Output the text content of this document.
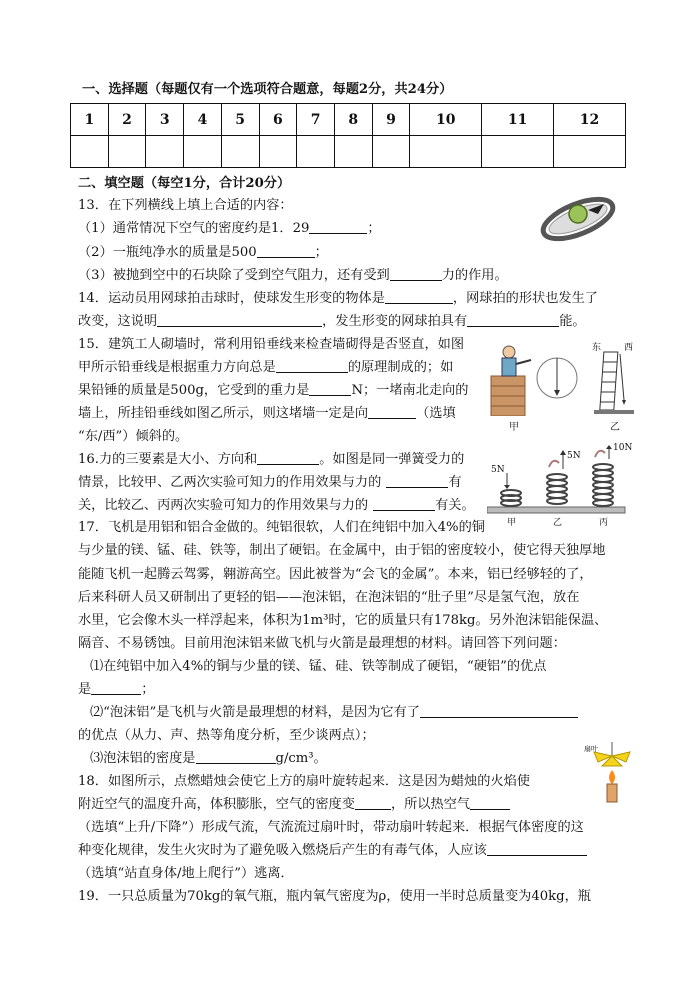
一、选择题（每题仅有一个选项符合题意，每题2分，共24分）
1	2	3	4	5	6	7	8	9	10	11	12

二、填空题（每空1分，合计20分）
13．在下列横线上填上合适的内容：
（1）通常情况下空气的密度约是1．29	；
（2）一瓶纯净水的质量是500	；
（3）被抛到空中的石块除了受到空气阻力，还有受到	力的作用。
14．运动员用网球拍击球时，使球发生形变的物体是	，网球拍的形状也发生了
改变，这说明	，发生形变的网球拍具有	能。
15．建筑工人砌墙时，常利用铅垂线来检查墙砌得是否竖直，如图
甲所示铅垂线是根据重力方向总是	的原理制成的；如
果铅锤的质量是500g，它受到的重力是	N；一堵南北走向的
墙上，所挂铅垂线如图乙所示，则这堵墙一定是向	（选填
“东/西”）倾斜的。
甲
东	西
乙
16.力的三要素是大小、方向和	。如图是同一弹簧受力的
情景，比较甲、乙两次实验可知力的作用效果与力的	有
关，比较乙、丙两次实验可知力的作用效果与力的	有关。
5N
5N
10N
甲	乙	丙
17．飞机是用铝和铝合金做的。纯铝很软，人们在纯铝中加入4%的铜
与少量的镁、锰、硅、铁等，制出了硬铝。在金属中，由于铝的密度较小，使它得天独厚地
能随飞机一起腾云驾雾，翱游高空。因此被誉为“会飞的金属”。本来，铝已经够轻的了，
后来科研人员又研制出了更轻的铝——泡沫铝，在泡沫铝的“肚子里”尽是氢气泡，放在
水里，它会像木头一样浮起来，体积为1m³时，它的质量只有178kg。另外泡沫铝能保温、
隔音、不易锈蚀。目前用泡沫铝来做飞机与火箭是最理想的材料。请回答下列问题：
⑴在纯铝中加入4%的铜与少量的镁、锰、硅、铁等制成了硬铝，“硬铝”的优点
是	；
⑵“泡沫铝”是飞机与火箭是最理想的材料，是因为它有了
的优点（从力、声、热等角度分析，至少谈两点）；
⑶泡沫铝的密度是	g/cm³。
扇叶
18．如图所示，点燃蜡烛会使它上方的扇叶旋转起来．这是因为蜡烛的火焰使
附近空气的温度升高，体积膨胀，空气的密度变	，所以热空气
（选填“上升/下降”）形成气流，气流流过扇叶时，带动扇叶转起来．根据气体密度的这
种变化规律，发生火灾时为了避免吸入燃烧后产生的有毒气体，人应该
（选填“站直身体/地上爬行”）逃离．
19．一只总质量为70kg的氧气瓶，瓶内氧气密度为ρ，使用一半时总质量变为40kg，瓶
